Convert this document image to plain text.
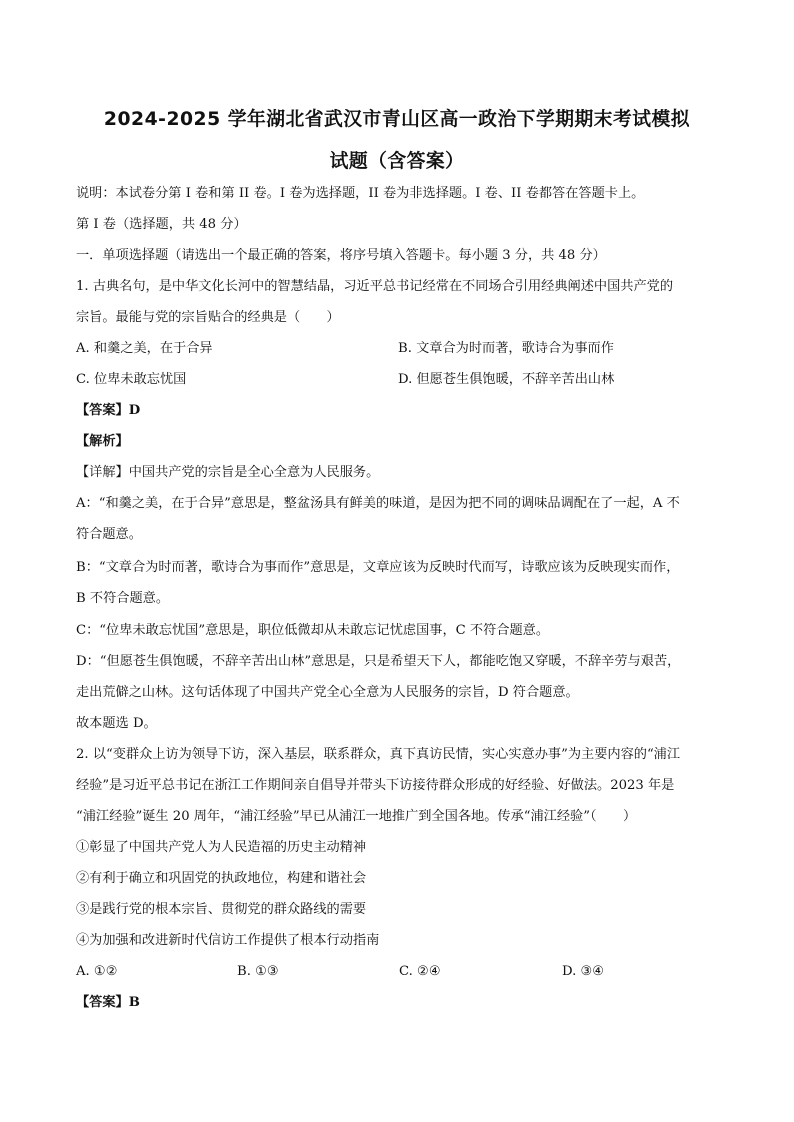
2024-2025 学年湖北省武汉市青山区高一政治下学期期末考试模拟
试题（含答案）
说明：本试卷分第 I 卷和第 II 卷。I 卷为选择题，II 卷为非选择题。I 卷、II 卷都答在答题卡上。
第 I 卷（选择题，共 48 分）
一．单项选择题（请选出一个最正确的答案，将序号填入答题卡。每小题 3 分，共 48 分）
1. 古典名句，是中华文化长河中的智慧结晶，习近平总书记经常在不同场合引用经典阐述中国共产党的
宗旨。最能与党的宗旨贴合的经典是（　　）
A. 和羹之美，在于合异	B. 文章合为时而著，歌诗合为事而作
C. 位卑未敢忘忧国	D. 但愿苍生俱饱暖，不辞辛苦出山林
【答案】D
【解析】
【详解】中国共产党的宗旨是全心全意为人民服务。
A：“和羹之美，在于合异”意思是，整盆汤具有鲜美的味道，是因为把不同的调味品调配在了一起，A 不
符合题意。
B：“文章合为时而著，歌诗合为事而作”意思是，文章应该为反映时代而写，诗歌应该为反映现实而作，
B 不符合题意。
C：“位卑未敢忘忧国”意思是，职位低微却从未敢忘记忧虑国事，C 不符合题意。
D：“但愿苍生俱饱暖，不辞辛苦出山林”意思是，只是希望天下人，都能吃饱又穿暖，不辞辛劳与艰苦，
走出荒僻之山林。这句话体现了中国共产党全心全意为人民服务的宗旨，D 符合题意。
故本题选 D。
2. 以“变群众上访为领导下访，深入基层，联系群众，真下真访民情，实心实意办事”为主要内容的“浦江
经验”是习近平总书记在浙江工作期间亲自倡导并带头下访接待群众形成的好经验、好做法。2023 年是
“浦江经验”诞生 20 周年，“浦江经验”早已从浦江一地推广到全国各地。传承“浦江经验”（　　）
①彰显了中国共产党人为人民造福的历史主动精神
②有利于确立和巩固党的执政地位，构建和谐社会
③是践行党的根本宗旨、贯彻党的群众路线的需要
④为加强和改进新时代信访工作提供了根本行动指南
A. ①②	B. ①③	C. ②④	D. ③④
【答案】B
